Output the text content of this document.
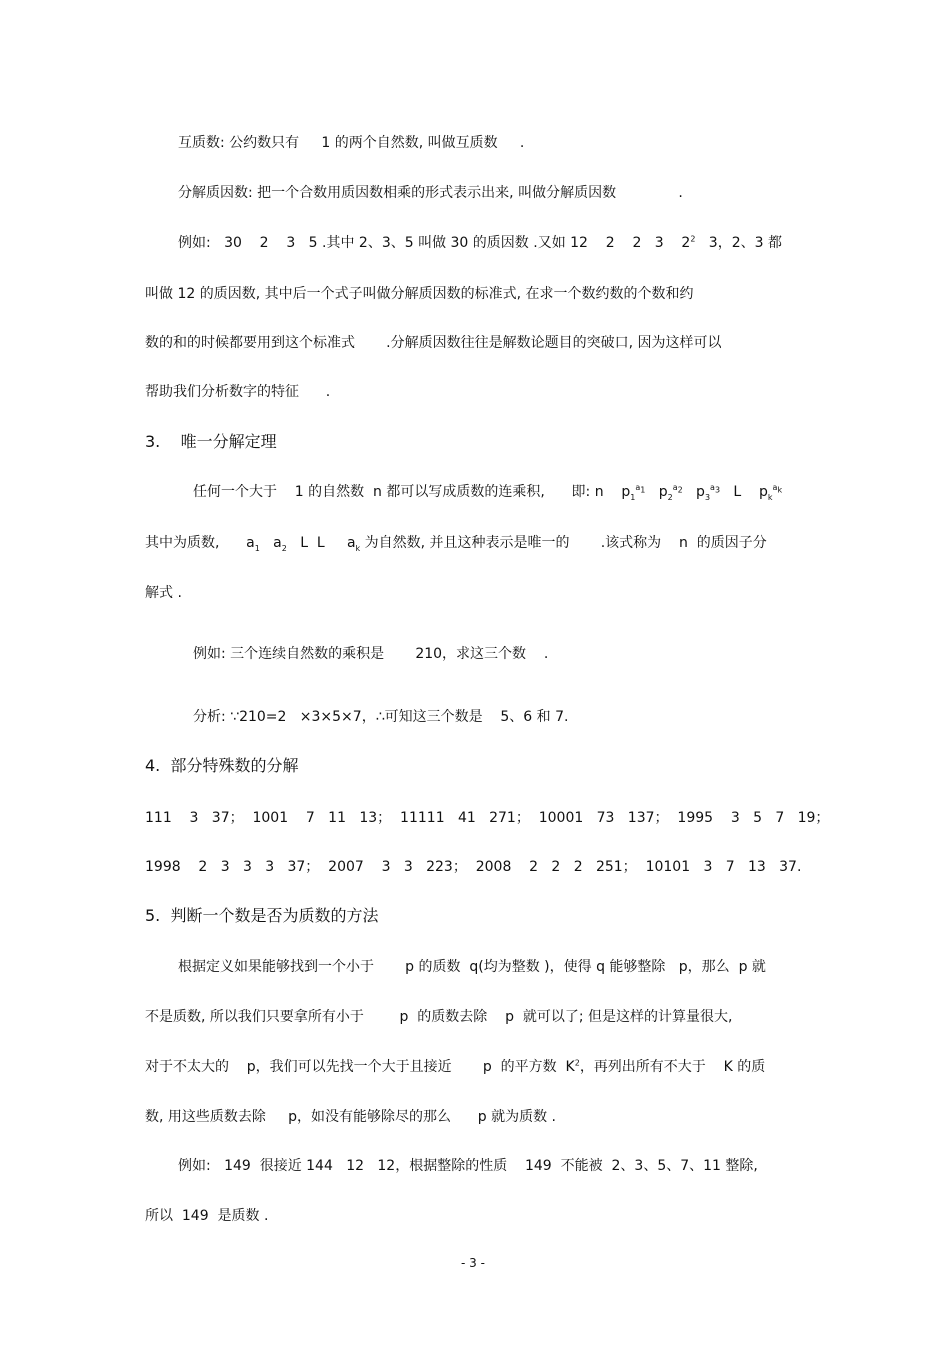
互质数: 公约数只有     1 的两个自然数, 叫做互质数     .

分解质因数: 把一个合数用质因数相乘的形式表示出来, 叫做分解质因数              .

例如:   30    2    3   5 .其中 2、3、5 叫做 30 的质因数 .又如 12    2    2   3    $2^2$   3，2、3 都

叫做 12 的质因数, 其中后一个式子叫做分解质因数的标准式, 在求一个数约数的个数和约

数的和的时候都要用到这个标准式       .分解质因数往往是解数论题目的突破口, 因为这样可以

帮助我们分析数字的特征      .

3.    唯一分解定理

任何一个大于    1 的自然数  n 都可以写成质数的连乘积,      即: n    $p_1^{a_1}$   $p_2^{a_2}$   $p_3^{a_3}$   L    $p_k^{a_k}$

其中为质数,      $a_1$   $a_2$   L  L     $a_k$ 为自然数, 并且这种表示是唯一的       .该式称为    n  的质因子分

解式 .

例如: 三个连续自然数的乘积是       210，求这三个数    .

分析: ∵210=2   ×3×5×7，∴可知这三个数是    5、6 和 7.

4.  部分特殊数的分解

111    3   37；  1001    7   11   13；  11111   41   271；  10001   73   137；  1995    3   5   7   19；

1998    2   3   3   3   37；  2007    3   3   223；  2008    2   2   2   251；  10101   3   7   13   37.

5.  判断一个数是否为质数的方法

根据定义如果能够找到一个小于       p 的质数  q(均为整数 )，使得 q 能够整除   p，那么  p 就

不是质数, 所以我们只要拿所有小于        p  的质数去除    p  就可以了; 但是这样的计算量很大,

对于不太大的    p，我们可以先找一个大于且接近       p  的平方数  $K^2$，再列出所有不大于    K 的质

数, 用这些质数去除     p，如没有能够除尽的那么      p 就为质数 .

例如:   149  很接近 144   12   12，根据整除的性质    149  不能被  2、3、5、7、11 整除,

所以  149  是质数 .

- 3 -
